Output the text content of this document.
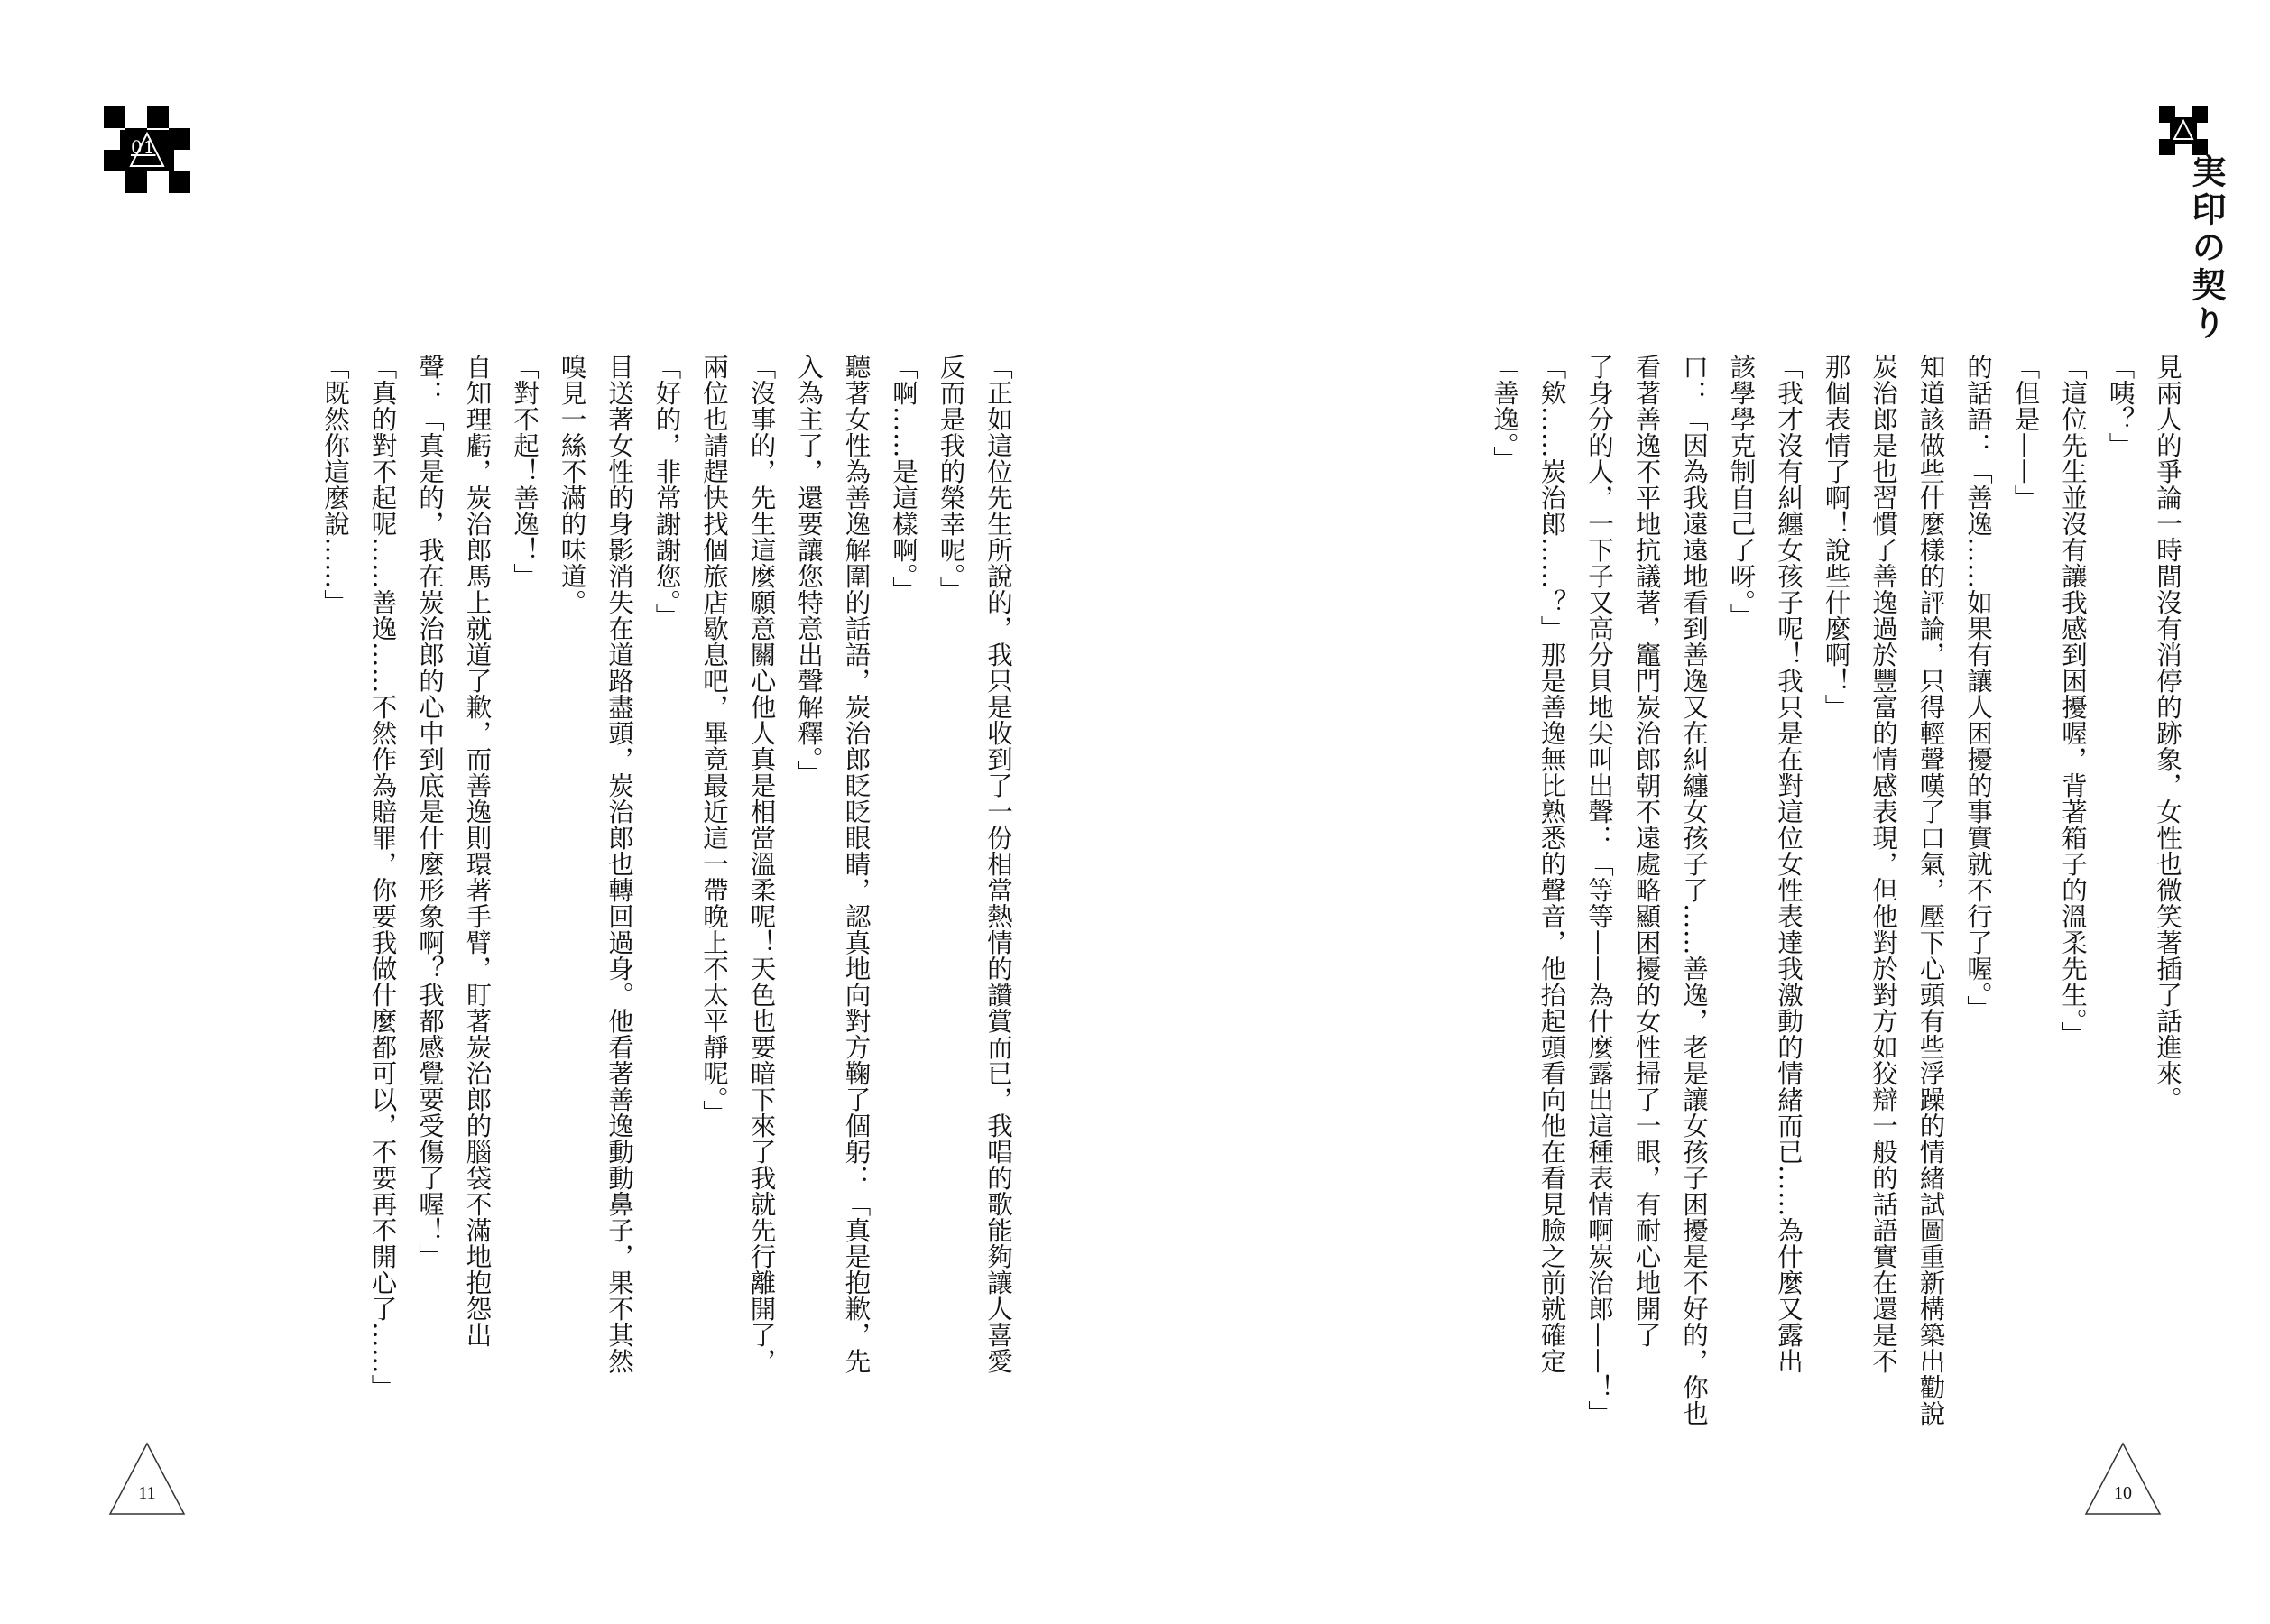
01

「正如這位先生所說的，我只是收到了一份相當熱情的讚賞而已，我唱的歌能夠讓人喜愛

反而是我的榮幸呢。」

「啊……是這樣啊。」

聽著女性為善逸解圍的話語，炭治郎眨眨眼睛，認真地向對方鞠了個躬：「真是抱歉，先

入為主了，還要讓您特意出聲解釋。」

「沒事的，先生這麼願意關心他人真是相當溫柔呢！天色也要暗下來了我就先行離開了，

兩位也請趕快找個旅店歇息吧，畢竟最近這一帶晚上不太平靜呢。」

「好的，非常謝謝您。」

目送著女性的身影消失在道路盡頭，炭治郎也轉回過身。他看著善逸動動鼻子，果不其然

嗅見一絲不滿的味道。

「對不起！善逸！」

自知理虧，炭治郎馬上就道了歉，而善逸則環著手臂，盯著炭治郎的腦袋不滿地抱怨出

聲：「真是的，我在炭治郎的心中到底是什麼形象啊？我都感覺要受傷了喔！」

「真的對不起呢……善逸……不然作為賠罪，你要我做什麼都可以，不要再不開心了……」

「既然你這麼說……」

11
実印の契り

見兩人的爭論一時間沒有消停的跡象，女性也微笑著插了話進來。

「咦？」

「這位先生並沒有讓我感到困擾喔，背著箱子的溫柔先生。」

「但是——」

的話語：「善逸……如果有讓人困擾的事實就不行了喔。」

知道該做些什麼樣的評論，只得輕聲嘆了口氣，壓下心頭有些浮躁的情緒試圖重新構築出勸說

炭治郎是也習慣了善逸過於豐富的情感表現，但他對於對方如狡辯一般的話語實在還是不

那個表情了啊！說些什麼啊！」

「我才沒有糾纏女孩子呢！我只是在對這位女性表達我激動的情緒而已……為什麼又露出

該學學克制自己了呀。」

口：「因為我遠遠地看到善逸又在糾纏女孩子了……善逸，老是讓女孩子困擾是不好的，你也

看著善逸不平地抗議著，竈門炭治郎朝不遠處略顯困擾的女性掃了一眼，有耐心地開了

了身分的人，一下子又高分貝地尖叫出聲：「等等——為什麼露出這種表情啊炭治郎——！」

「欸……炭治郎……？」那是善逸無比熟悉的聲音，他抬起頭看向他在看見臉之前就確定

「善逸。」

10
